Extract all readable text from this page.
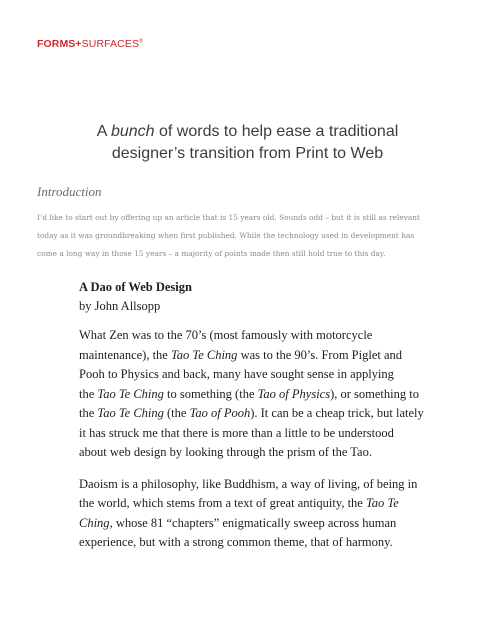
FORMS+SURFACES®
A bunch of words to help ease a traditional
designer’s transition from Print to Web
Introduction
I’d like to start out by offering up an article that is 15 years old. Sounds odd – but it is still as relevant
today as it was groundbreaking when first published. While the technology used in development has
come a long way in those 15 years – a majority of points made then still hold true to this day.
A Dao of Web Design
by John Allsopp
What Zen was to the 70’s (most famously with motorcycle
maintenance), the Tao Te Ching was to the 90’s. From Piglet and
Pooh to Physics and back, many have sought sense in applying
the Tao Te Ching to something (the Tao of Physics), or something to
the Tao Te Ching (the Tao of Pooh). It can be a cheap trick, but lately
it has struck me that there is more than a little to be understood
about web design by looking through the prism of the Tao.
Daoism is a philosophy, like Buddhism, a way of living, of being in
the world, which stems from a text of great antiquity, the Tao Te
Ching, whose 81 “chapters” enigmatically sweep across human
experience, but with a strong common theme, that of harmony.
